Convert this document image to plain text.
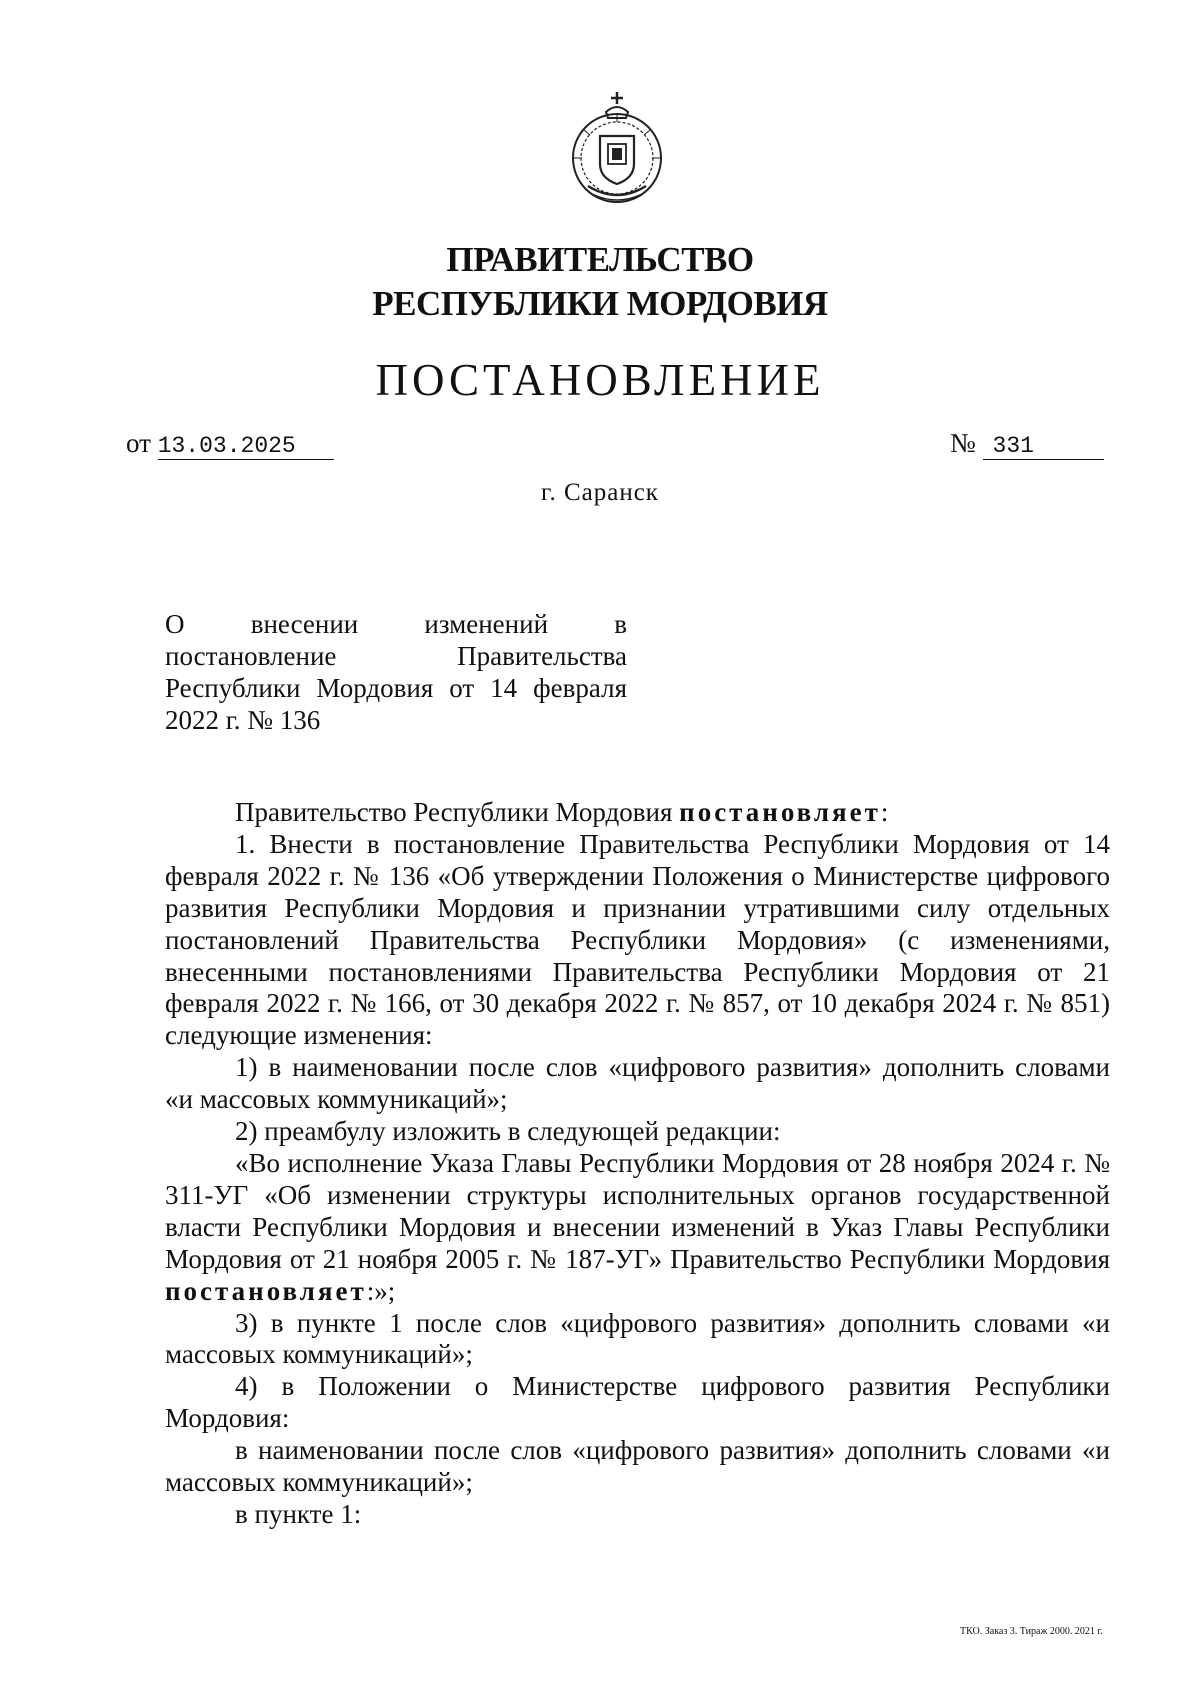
ПРАВИТЕЛЬСТВО
РЕСПУБЛИКИ МОРДОВИЯ
ПОСТАНОВЛЕНИЕ
от 13.03.2025	№ 331
г. Саранск
О внесении изменений в
постановление Правительства
Республики Мордовия от 14 февраля
2022 г. № 136

Правительство Республики Мордовия постановляет:

1. Внести в постановление Правительства Республики Мордовия от 14 февраля 2022 г. № 136 «Об утверждении Положения о Министерстве цифрового развития Республики Мордовия и признании утратившими силу отдельных постановлений Правительства Республики Мордовия» (с изменениями, внесенными постановлениями Правительства Республики Мордовия от 21 февраля 2022 г. № 166, от 30 декабря 2022 г. № 857, от 10 декабря 2024 г. № 851) следующие изменения:

1) в наименовании после слов «цифрового развития» дополнить словами «и массовых коммуникаций»;

2) преамбулу изложить в следующей редакции:

«Во исполнение Указа Главы Республики Мордовия от 28 ноября 2024 г. № 311-УГ «Об изменении структуры исполнительных органов государственной власти Республики Мордовия и внесении изменений в Указ Главы Республики Мордовия от 21 ноября 2005 г. № 187-УГ» Правительство Республики Мордовия постановляет:»;

3) в пункте 1 после слов «цифрового развития» дополнить словами «и массовых коммуникаций»;

4) в Положении о Министерстве цифрового развития Республики Мордовия:

в наименовании после слов «цифрового развития» дополнить словами «и массовых коммуникаций»;

в пункте 1:

ТКО. Заказ 3. Тираж 2000. 2021 г.
